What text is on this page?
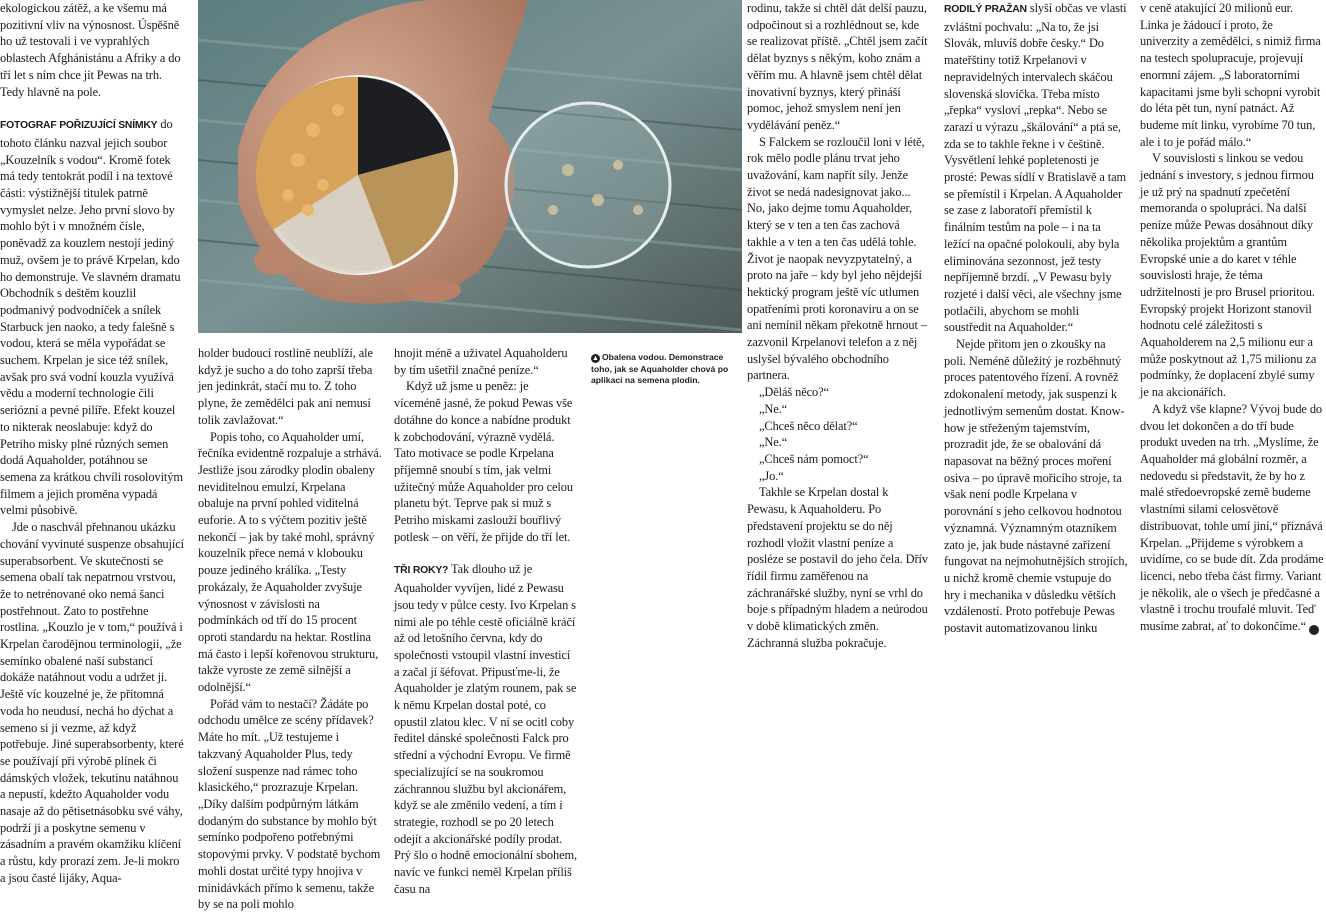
ekologickou zátěž, a ke všemu má pozitivní vliv na výnosnost. Úspěšně ho už testovali i ve vyprahlých oblastech Afghánistánu a Afriky a do tří let s ním chce jít Pewas na trh. Tedy hlavně na pole.

FOTOGRAF POŘIZUJÍCÍ SNÍMKY do tohoto článku nazval jejich soubor „Kouzelník s vodou“. Kromě fotek má tedy tentokrát podíl i na textové části: výstižnější titulek patrně vymyslet nelze. Jeho první slovo by mohlo být i v množném čísle, poněvadž za kouzlem nestojí jediný muž, ovšem je to právě Krpelan, kdo ho demonstruje. Ve slavném dramatu Obchodník s deštěm kouzlil podmanivý podvodníček a snílek Starbuck jen naoko, a tedy falešně s vodou, která se měla vypořádat se suchem. Krpelan je sice též snílek, avšak pro svá vodní kouzla využívá vědu a moderní technologie čili seriózní a pevné pilíře. Efekt kouzel to nikterak neoslabuje: když do Petriho misky plné různých semen dodá Aquaholder, potáhnou se semena za krátkou chvíli rosolovitým filmem a jejich proměna vypadá velmi působivě.

Jde o naschvál přehnanou ukázku chování vyvinuté suspenze obsahující superabsorbent. Ve skutečnosti se semena obalí tak nepatrnou vrstvou, že to netrénované oko nemá šanci postřehnout. Zato to postřehne rostlina. „Kouzlo je v tom,“ používá i Krpelan čarodějnou terminologii, „že semínko obalené naší substancí dokáže natáhnout vodu a udržet ji. Ještě víc kouzelné je, že přítomná voda ho neudusí, nechá ho dýchat a semeno si ji vezme, až když potřebuje. Jiné superabsorbenty, které se používají při výrobě plínek či dámských vložek, tekutinu natáhnou a nepustí, kdežto Aquaholder vodu nasaje až do pětisetnásobku své váhy, podrží ji a poskytne semenu v zásadním a pravém okamžiku klíčení a růstu, kdy prorazí zem. Je-li mokro a jsou časté lijáky, Aqua-

▲ Obalena vodou. Demonstrace toho, jak se Aquaholder chová po aplikaci na semena plodin.

holder budoucí rostlině neublíží, ale když je sucho a do toho zaprší třeba jen jedinkrát, stačí mu to. Z toho plyne, že zemědělci pak ani nemusí tolik zavlažovat.“

Popis toho, co Aquaholder umí, řečníka evidentně rozpaluje a strhává. Jestliže jsou zárodky plodin obaleny neviditelnou emulzí, Krpelana obaluje na první pohled viditelná euforie. A to s výčtem pozitiv ještě nekončí – jak by také mohl, správný kouzelník přece nemá v klobouku pouze jediného králíka. „Testy prokázaly, že Aquaholder zvyšuje výnosnost v závislosti na podmínkách od tří do 15 procent oproti standardu na hektar. Rostlina má často i lepší kořenovou strukturu, takže vyroste ze země silnější a odolnější.“

Pořád vám to nestačí? Žádáte po odchodu umělce ze scény přídavek? Máte ho mít. „Už testujeme i takzvaný Aquaholder Plus, tedy složení suspenze nad rámec toho klasického,“ prozrazuje Krpelan. „Díky dalším podpůrným látkám dodaným do substance by mohlo být semínko podpořeno potřebnými stopovými prvky. V podstatě bychom mohli dostat určité typy hnojiva v minidávkách přímo k semenu, takže by se na poli mohlo

hnojit méně a uživatel Aquaholderu by tím ušetřil značné peníze.“

Když už jsme u peněz: je víceméně jasné, že pokud Pewas vše dotáhne do konce a nabídne produkt k zobchodování, výrazně vydělá. Tato motivace se podle Krpelana příjemně snoubí s tím, jak velmi užitečný může Aquaholder pro celou planetu být. Teprve pak si muž s Petriho miskami zaslouží bouřlivý potlesk – on věří, že přijde do tří let.

TŘI ROKY? Tak dlouho už je Aquaholder vyvíjen, lidé z Pewasu jsou tedy v půlce cesty. Ivo Krpelan s nimi ale po téhle cestě oficiálně kráčí až od letošního června, kdy do společnosti vstoupil vlastní investicí a začal jí šéfovat. Připusťme-li, že Aquaholder je zlatým rounem, pak se k němu Krpelan dostal poté, co opustil zlatou klec. V ní se ocitl coby ředitel dánské společnosti Falck pro střední a východní Evropu. Ve firmě specializující se na soukromou záchrannou službu byl akcionářem, když se ale změnilo vedení, a tím i strategie, rozhodl se po 20 letech odejít a akcionářské podíly prodat. Prý šlo o hodně emocionální sbohem, navíc ve funkci neměl Krpelan příliš času na

rodinu, takže si chtěl dát delší pauzu, odpočinout si a rozhlédnout se, kde se realizovat příště. „Chtěl jsem začít dělat byznys s někým, koho znám a věřím mu. A hlavně jsem chtěl dělat inovativní byznys, který přináší pomoc, jehož smyslem není jen vydělávání peněz.“

S Falckem se rozloučil loni v létě, rok mělo podle plánu trvat jeho uvažování, kam napřít síly. Jenže život se nedá nadesignovat jako... No, jako dejme tomu Aquaholder, který se v ten a ten čas zachová takhle a v ten a ten čas udělá tohle. Život je naopak nevyzpytatelný, a proto na jaře – kdy byl jeho nějdejší hektický program ještě víc utlumen opatřeními proti koronaviru a on se ani nemínil někam překotně hrnout – zazvonil Krpelanovi telefon a z něj uslyšel bývalého obchodního partnera.

„Děláš něco?“

„Ne.“

„Chceš něco dělat?“

„Ne.“

„Chceš nám pomoct?“

„Jo.“

Takhle se Krpelan dostal k Pewasu, k Aquaholderu. Po představení projektu se do něj rozhodl vložit vlastní peníze a posléze se postavil do jeho čela. Dřív řídil firmu zaměřenou na záchranářské služby, nyní se vrhl do boje s případným hladem a neúrodou v době klimatických změn. Záchranná služba pokračuje.

RODILÝ PRAŽAN slyší občas ve vlasti zvláštní pochvalu: „Na to, že jsi Slovák, mluvíš dobře česky.“ Do mateřštiny totiž Krpelanovi v nepravidelných intervalech skáčou slovenská slovíčka. Třeba místo „řepka“ vysloví „repka“. Nebo se zarazí u výrazu „škálování“ a ptá se, zda se to takhle řekne i v češtině. Vysvětlení lehké popletenosti je prosté: Pewas sídlí v Bratislavě a tam se přemístil i Krpelan. A Aquaholder se zase z laboratoří přemístil k finálním testům na pole – i na ta ležící na opačné polokouli, aby byla eliminována sezonnost, jež testy nepříjemně brzdí. „V Pewasu byly rozjeté i další věci, ale všechny jsme potlačili, abychom se mohli soustředit na Aquaholder.“

Nejde přitom jen o zkoušky na poli. Neméně důležitý je rozběhnutý proces patentového řízení. A rovněž zdokonalení metody, jak suspenzi k jednotlivým semenům dostat. Know-how je střeženým tajemstvím, prozradit jde, že se obalování dá napasovat na běžný proces moření osiva – po úpravě mořicího stroje, ta však není podle Krpelana v porovnání s jeho celkovou hodnotou významná. Významným otazníkem zato je, jak bude nástavné zařízení fungovat na nejmohutnějších strojích, u nichž kromě chemie vstupuje do hry i mechanika v důsledku větších vzdáleností. Proto potřebuje Pewas postavit automatizovanou linku

v ceně atakující 20 milionů eur. Linka je žádoucí i proto, že univerzity a zemědělci, s nimiž firma na testech spolupracuje, projevují enormní zájem. „S laboratorními kapacitami jsme byli schopni vyrobit do léta pět tun, nyní patnáct. Až budeme mít linku, vyrobíme 70 tun, ale i to je pořád málo.“

V souvislosti s linkou se vedou jednání s investory, s jednou firmou je už prý na spadnutí zpečetění memoranda o spolupráci. Na další peníze může Pewas dosáhnout díky několika projektům a grantům Evropské unie a do karet v téhle souvislosti hraje, že téma udržitelnosti je pro Brusel prioritou. Evropský projekt Horizont stanovil hodnotu celé záležitosti s Aquaholderem na 2,5 milionu eur a může poskytnout až 1,75 milionu za podmínky, že doplacení zbylé sumy je na akcionářích.

A když vše klapne? Vývoj bude do dvou let dokončen a do tří bude produkt uveden na trh. „Myslíme, že Aquaholder má globální rozměr, a nedovedu si představit, že by ho z malé středoevropské země budeme vlastními silami celosvětově distribuovat, tohle umí jiní,“ přiznává Krpelan. „Přijdeme s výrobkem a uvidíme, co se bude dít. Zda prodáme licenci, nebo třeba část firmy. Variant je několik, ale o všech je předčasné a vlastně i trochu troufalé mluvit. Teď musíme zabrat, ať to dokončíme.“ R
